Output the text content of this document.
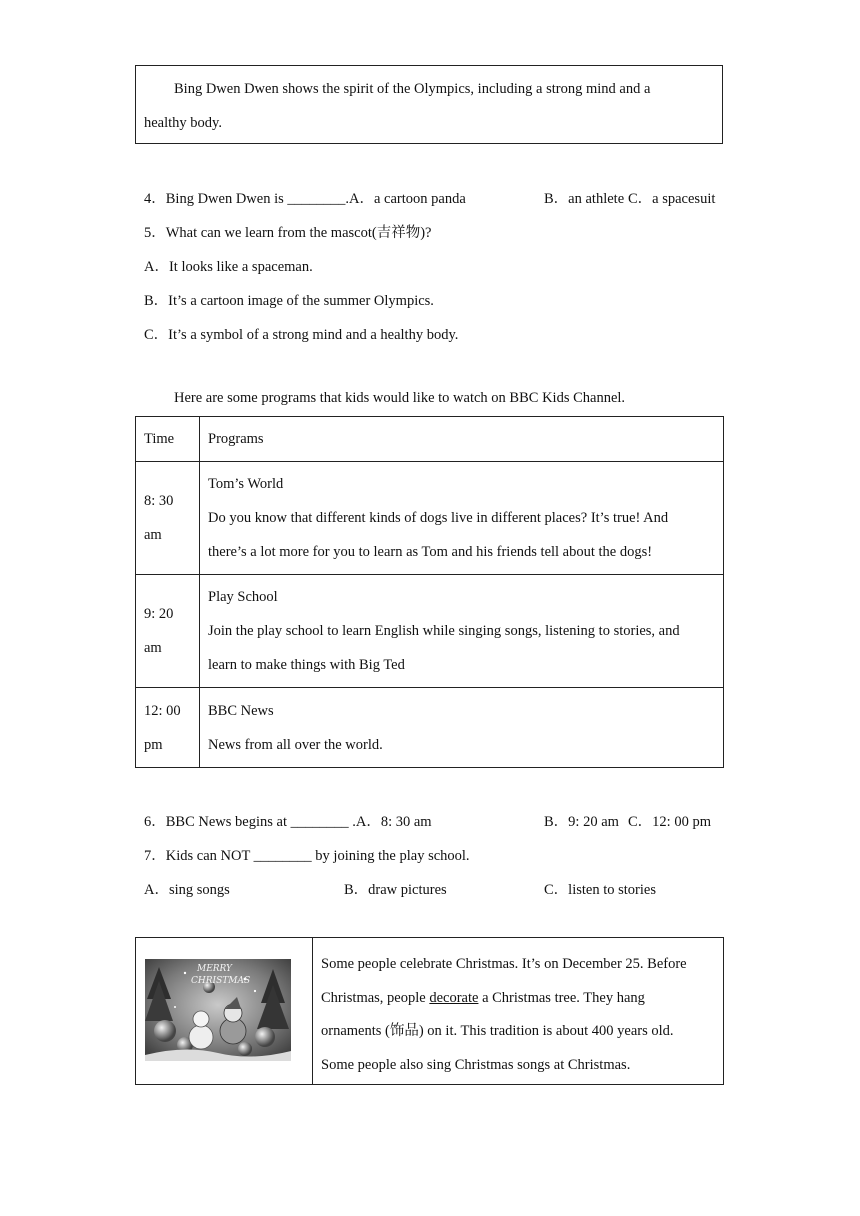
Bing Dwen Dwen shows the spirit of the Olympics, including a strong mind and a
healthy body.

4．Bing Dwen Dwen is ________.A．a cartoon panda	B．an athlete C．a spacesuit
5．What can we learn from the mascot(吉祥物)?
A．It looks like a spaceman.
B．It’s a cartoon image of the summer Olympics.
C．It’s a symbol of a strong mind and a healthy body.
Here are some programs that kids would like to watch on BBC Kids Channel.
Time	Programs
8: 30
am	Tom’s World
Do you know that different kinds of dogs live in different places? It’s true! And
there’s a lot more for you to learn as Tom and his friends tell about the dogs!
9: 20
am	Play School
Join the play school to learn English while singing songs, listening to stories, and
learn to make things with Big Ted
12: 00
pm	BBC News
News from all over the world.
6．BBC News begins at ________ .A．8: 30 am	B．9: 20 am C．12: 00 pm
7．Kids can NOT ________ by joining the play school.
A．sing songs	B．draw pictures	C．listen to stories
MERRY
CHRISTMAS
Some people celebrate Christmas. It’s on December 25. Before
Christmas, people decorate a Christmas tree. They hang
ornaments (饰品) on it. This tradition is about 400 years old.
Some people also sing Christmas songs at Christmas.
